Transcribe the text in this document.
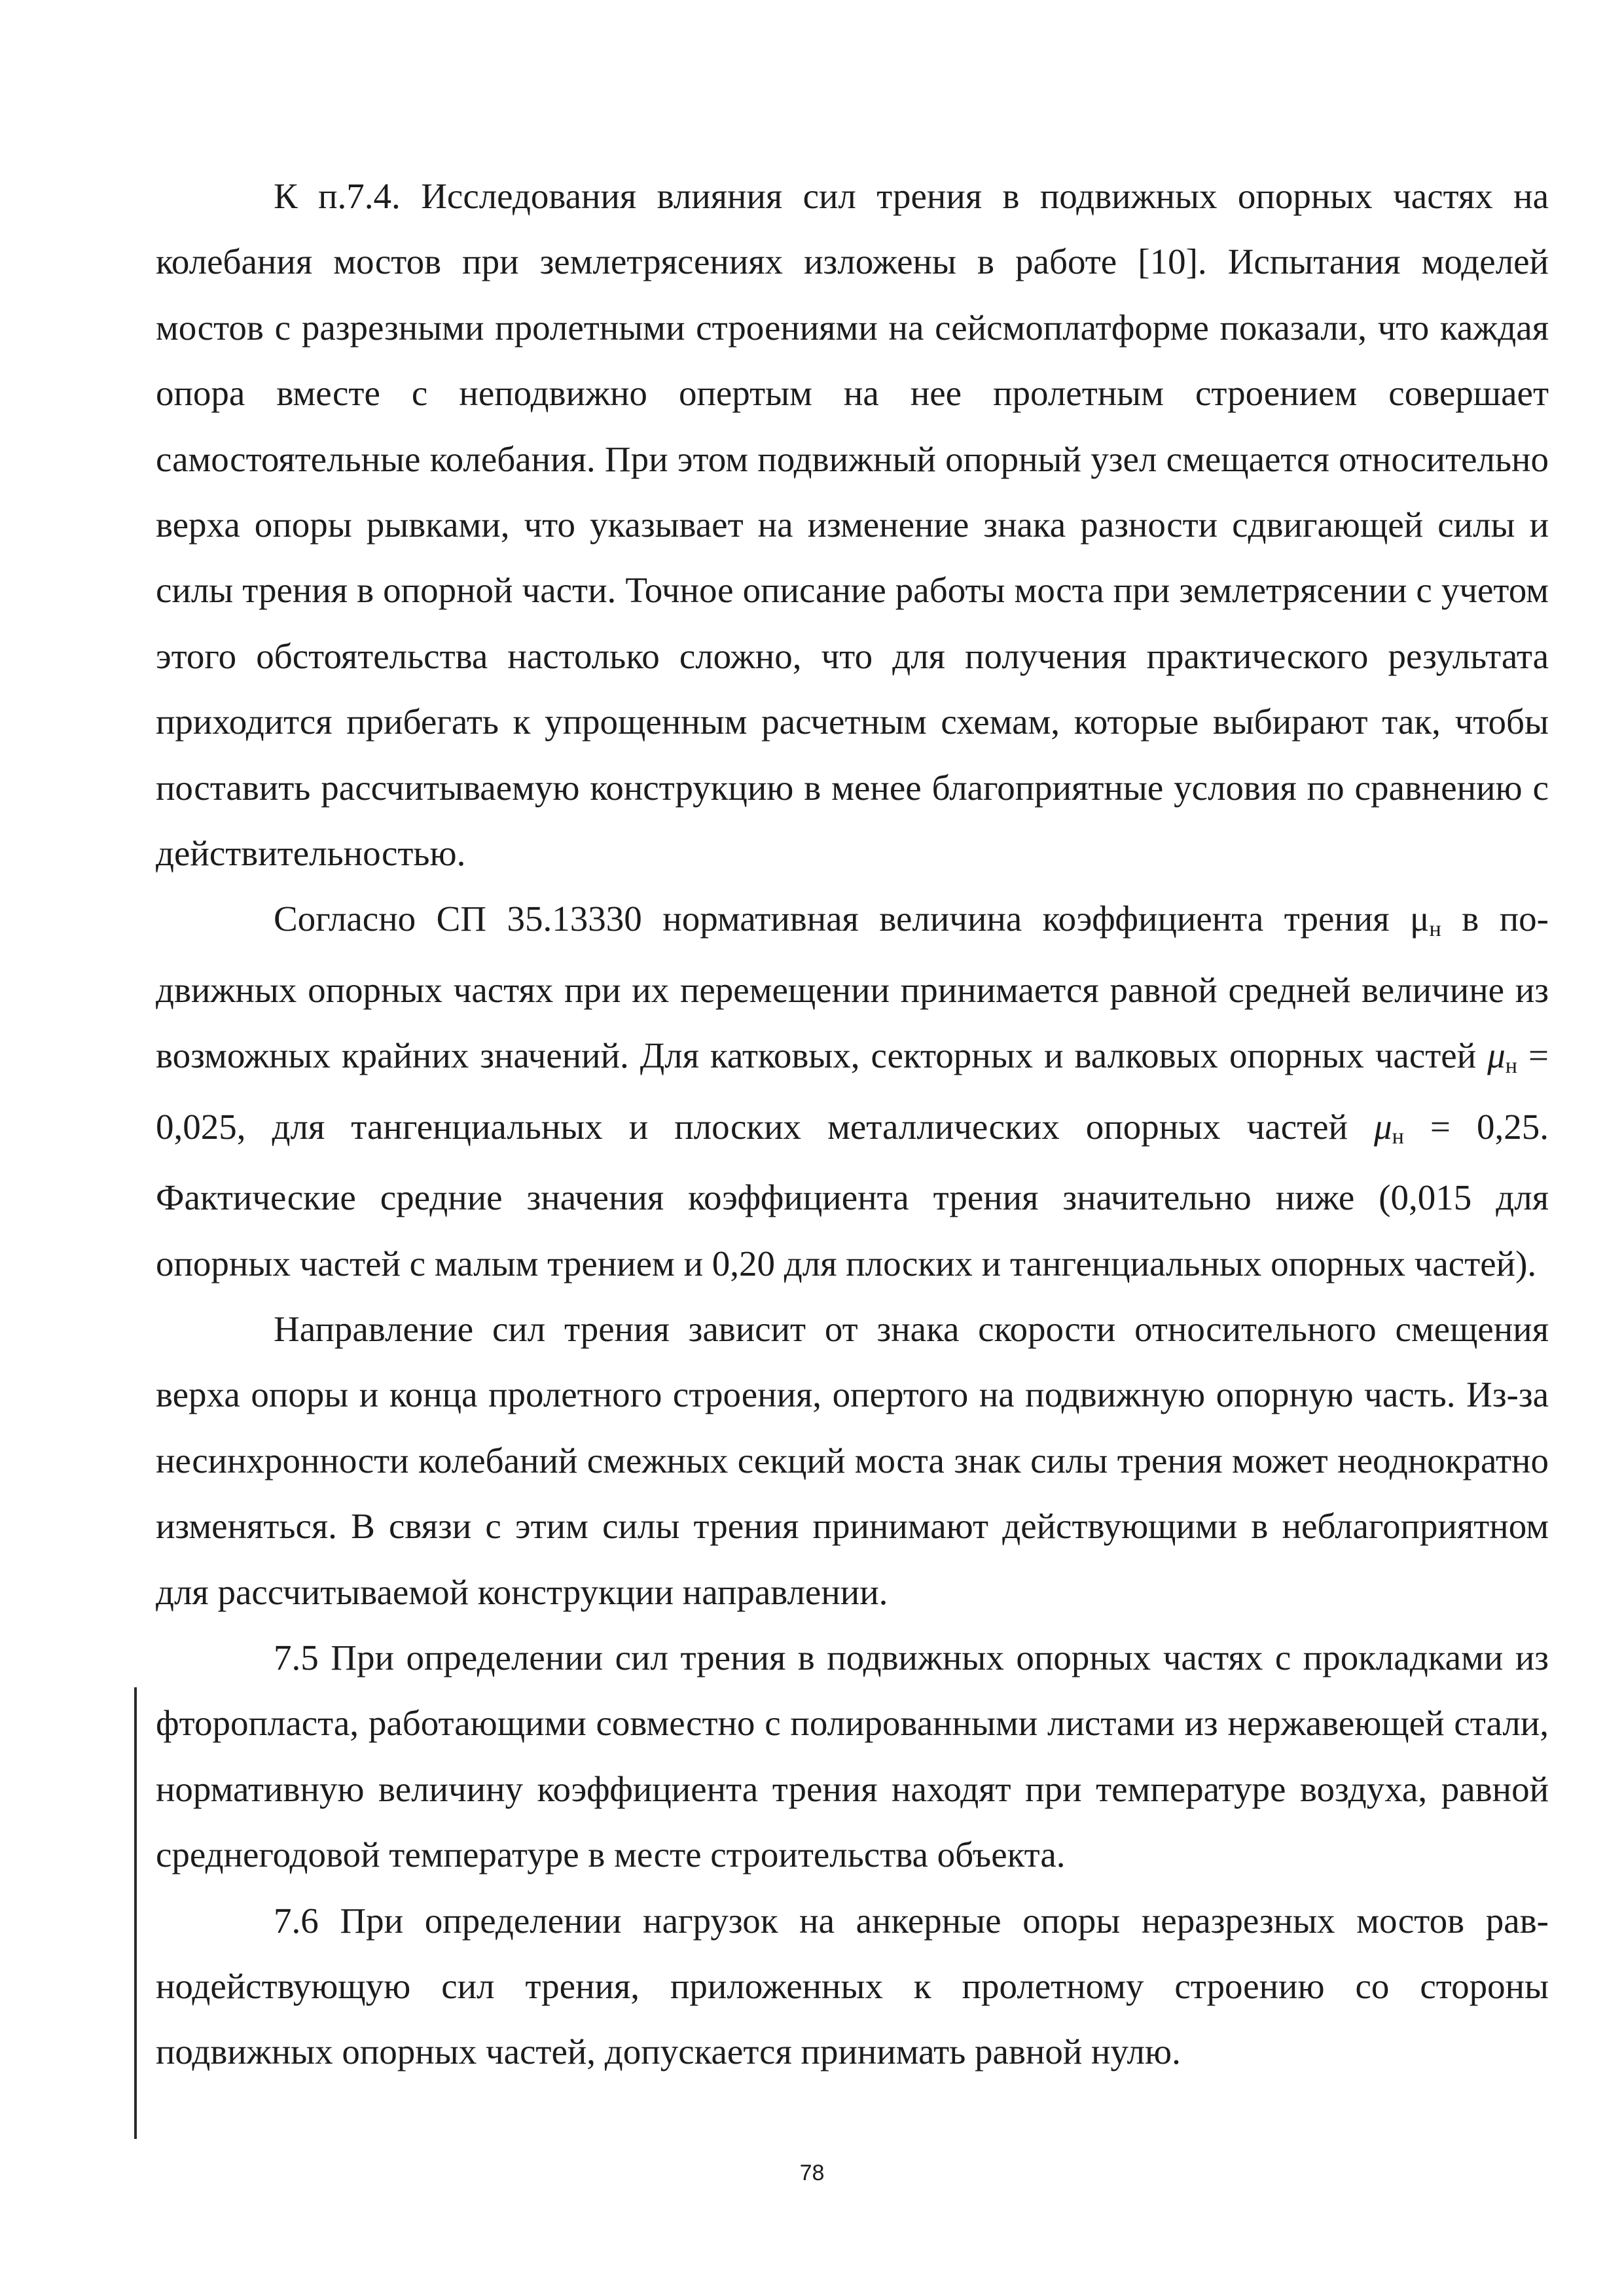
К п.7.4. Исследования влияния сил трения в подвижных опорных частях на колебания мостов при землетрясениях изложены в работе [10]. Испытания моделей мостов с разрезными пролетными строениями на сейсмоплатформе показали, что каждая опора вместе с неподвижно опертым на нее пролетным строением совершает самостоятельные колебания. При этом подвижный опорный узел смещается относительно верха опоры рывками, что указывает на изменение знака разности сдвигающей силы и силы трения в опорной части. Точное описание работы моста при землетрясении с учетом этого обстоятельства настолько сложно, что для получения практического результата приходится прибегать к упрощенным расчетным схемам, которые выбирают так, чтобы поставить рассчитываемую конструкцию в менее благоприятные условия по сравнению с действительностью.

Согласно СП 35.13330 нормативная величина коэффициента трения μн в подвижных опорных частях при их перемещении принимается равной средней величине из возможных крайних значений. Для катковых, секторных и валковых опорных частей μн = 0,025, для тангенциальных и плоских металлических опорных частей μн = 0,25. Фактические средние значения коэффициента трения значительно ниже (0,015 для опорных частей с малым трением и 0,20 для плоских и тангенциальных опорных частей).

Направление сил трения зависит от знака скорости относительного смещения верха опоры и конца пролетного строения, опертого на подвижную опорную часть. Из-за несинхронности колебаний смежных секций моста знак силы трения может неоднократно изменяться. В связи с этим силы трения принимают действующими в неблагоприятном для рассчитываемой конструкции направлении.

7.5 При определении сил трения в подвижных опорных частях с прокладками из фторопласта, работающими совместно с полированными листами из нержавеющей стали, нормативную величину коэффициента трения находят при температуре воздуха, равной среднегодовой температуре в месте строительства объекта.

7.6 При определении нагрузок на анкерные опоры неразрезных мостов равнодействующую сил трения, приложенных к пролетному строению со стороны подвижных опорных частей, допускается принимать равной нулю.

78
